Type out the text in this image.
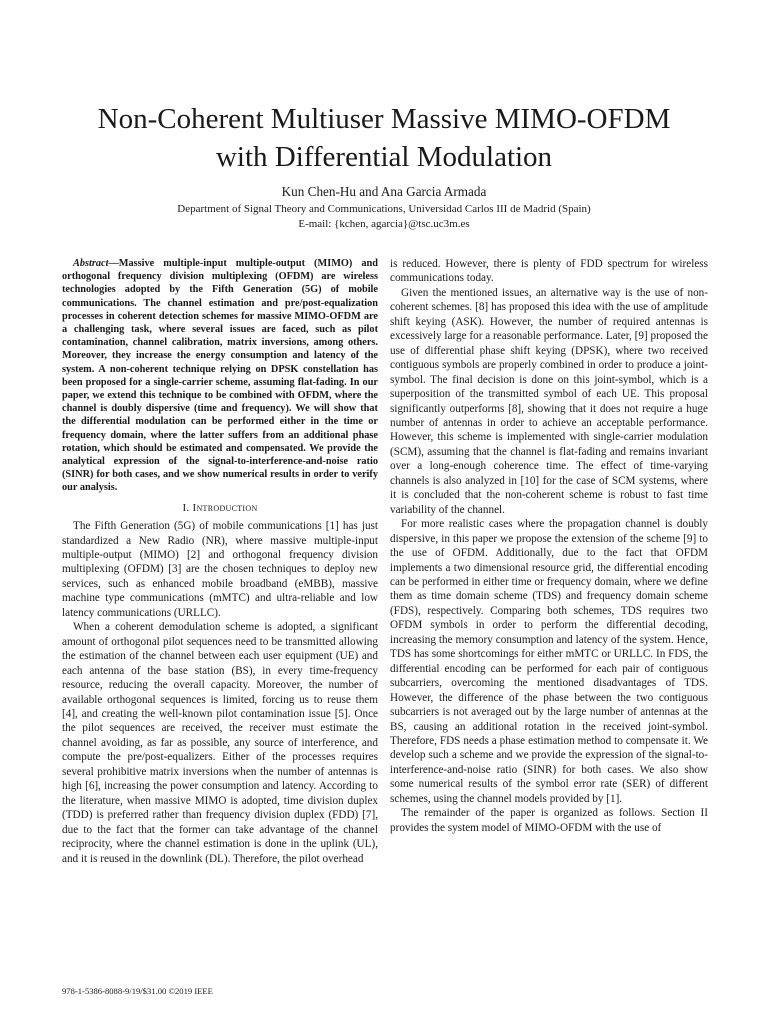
Non-Coherent Multiuser Massive MIMO-OFDM
with Differential Modulation
Kun Chen-Hu and Ana Garcia Armada
Department of Signal Theory and Communications, Universidad Carlos III de Madrid (Spain)
E-mail: {kchen, agarcia}@tsc.uc3m.es

Abstract—Massive multiple-input multiple-output (MIMO) and orthogonal frequency division multiplexing (OFDM) are wireless technologies adopted by the Fifth Generation (5G) of mobile communications. The channel estimation and pre/post-equalization processes in coherent detection schemes for massive MIMO-OFDM are a challenging task, where several issues are faced, such as pilot contamination, channel calibration, matrix inversions, among others. Moreover, they increase the energy consumption and latency of the system. A non-coherent technique relying on DPSK constellation has been proposed for a single-carrier scheme, assuming flat-fading. In our paper, we extend this technique to be combined with OFDM, where the channel is doubly dispersive (time and frequency). We will show that the differential modulation can be performed either in the time or frequency domain, where the latter suffers from an additional phase rotation, which should be estimated and compensated. We provide the analytical expression of the signal-to-interference-and-noise ratio (SINR) for both cases, and we show numerical results in order to verify our analysis.

I. Introduction

The Fifth Generation (5G) of mobile communications [1] has just standardized a New Radio (NR), where massive multiple-input multiple-output (MIMO) [2] and orthogonal frequency division multiplexing (OFDM) [3] are the chosen techniques to deploy new services, such as enhanced mobile broadband (eMBB), massive machine type communications (mMTC) and ultra-reliable and low latency communications (URLLC).

When a coherent demodulation scheme is adopted, a significant amount of orthogonal pilot sequences need to be transmitted allowing the estimation of the channel between each user equipment (UE) and each antenna of the base station (BS), in every time-frequency resource, reducing the overall capacity. Moreover, the number of available orthogonal sequences is limited, forcing us to reuse them [4], and creating the well-known pilot contamination issue [5]. Once the pilot sequences are received, the receiver must estimate the channel avoiding, as far as possible, any source of interference, and compute the pre/post-equalizers. Either of the processes requires several prohibitive matrix inversions when the number of antennas is high [6], increasing the power consumption and latency. According to the literature, when massive MIMO is adopted, time division duplex (TDD) is preferred rather than frequency division duplex (FDD) [7], due to the fact that the former can take advantage of the channel reciprocity, where the channel estimation is done in the uplink (UL), and it is reused in the downlink (DL). Therefore, the pilot overhead

is reduced. However, there is plenty of FDD spectrum for wireless communications today.

Given the mentioned issues, an alternative way is the use of non-coherent schemes. [8] has proposed this idea with the use of amplitude shift keying (ASK). However, the number of required antennas is excessively large for a reasonable performance. Later, [9] proposed the use of differential phase shift keying (DPSK), where two received contiguous symbols are properly combined in order to produce a joint-symbol. The final decision is done on this joint-symbol, which is a superposition of the transmitted symbol of each UE. This proposal significantly outperforms [8], showing that it does not require a huge number of antennas in order to achieve an acceptable performance. However, this scheme is implemented with single-carrier modulation (SCM), assuming that the channel is flat-fading and remains invariant over a long-enough coherence time. The effect of time-varying channels is also analyzed in [10] for the case of SCM systems, where it is concluded that the non-coherent scheme is robust to fast time variability of the channel.

For more realistic cases where the propagation channel is doubly dispersive, in this paper we propose the extension of the scheme [9] to the use of OFDM. Additionally, due to the fact that OFDM implements a two dimensional resource grid, the differential encoding can be performed in either time or frequency domain, where we define them as time domain scheme (TDS) and frequency domain scheme (FDS), respectively. Comparing both schemes, TDS requires two OFDM symbols in order to perform the differential decoding, increasing the memory consumption and latency of the system. Hence, TDS has some shortcomings for either mMTC or URLLC. In FDS, the differential encoding can be performed for each pair of contiguous subcarriers, overcoming the mentioned disadvantages of TDS. However, the difference of the phase between the two contiguous subcarriers is not averaged out by the large number of antennas at the BS, causing an additional rotation in the received joint-symbol. Therefore, FDS needs a phase estimation method to compensate it. We develop such a scheme and we provide the expression of the signal-to-interference-and-noise ratio (SINR) for both cases. We also show some numerical results of the symbol error rate (SER) of different schemes, using the channel models provided by [1].

The remainder of the paper is organized as follows. Section II provides the system model of MIMO-OFDM with the use of

978-1-5386-8088-9/19/$31.00 ©2019 IEEE
